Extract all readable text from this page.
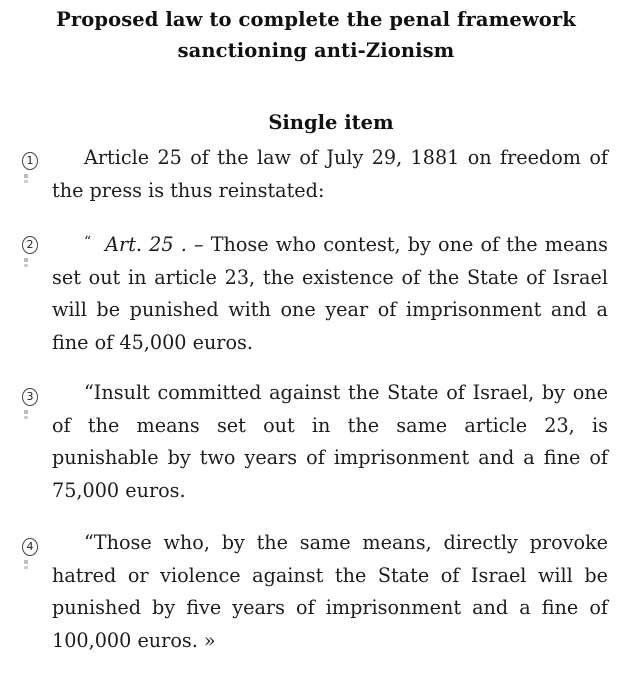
Proposed law to complete the penal framework
sanctioning anti-Zionism
Single item
1
2
3
4

Article 25 of the law of July 29, 1881 on freedom of the press is thus reinstated:

“ Art. 25 . – Those who contest, by one of the means set out in article 23, the existence of the State of Israel will be punished with one year of imprisonment and a fine of 45,000 euros.

“Insult committed against the State of Israel, by one of the means set out in the same article 23, is punishable by two years of imprisonment and a fine of 75,000 euros.

“Those who, by the same means, directly provoke hatred or violence against the State of Israel will be punished by five years of imprisonment and a fine of 100,000 euros. »
